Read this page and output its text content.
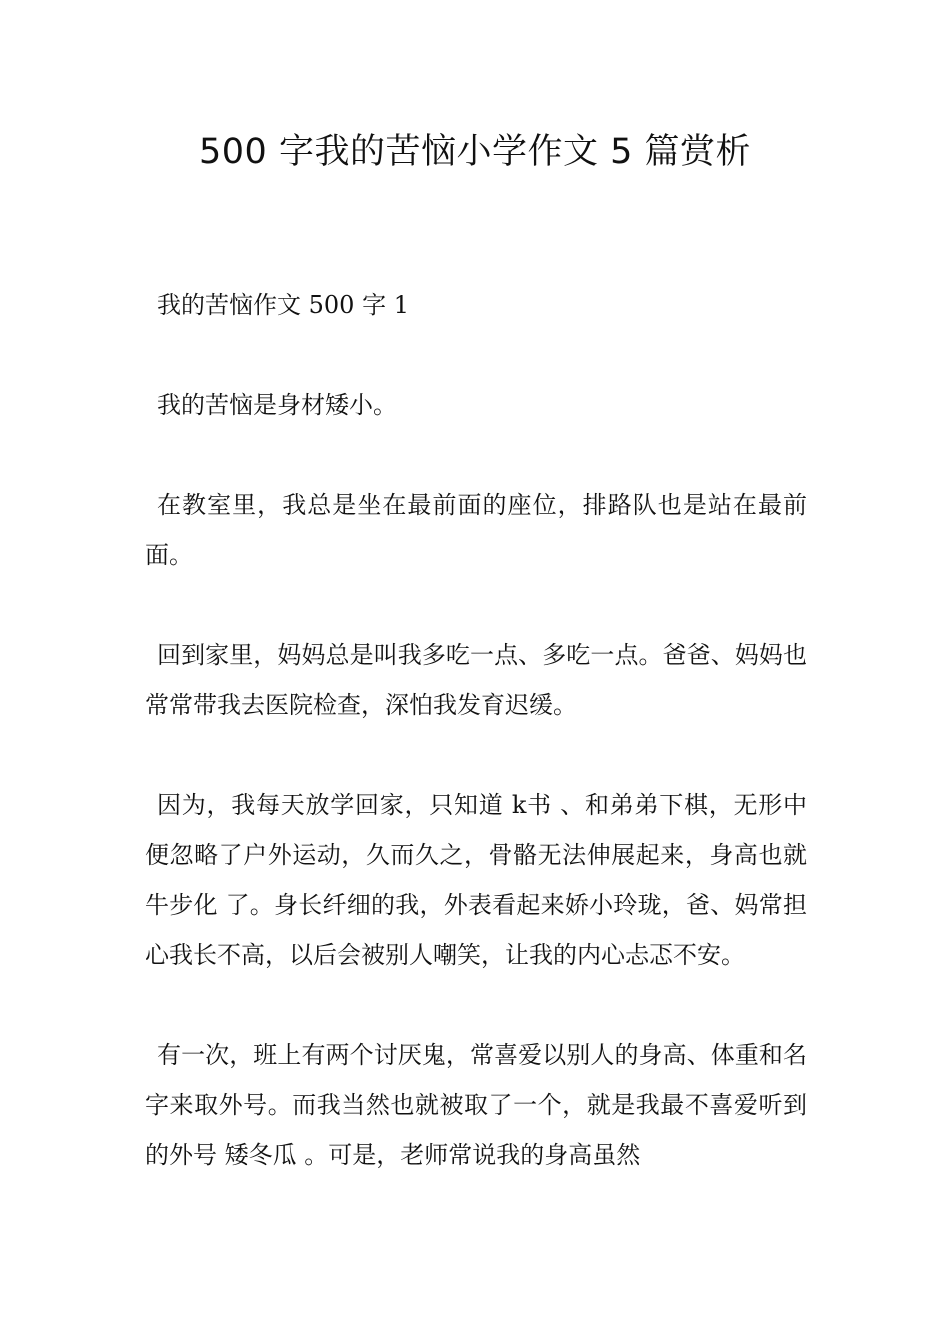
500 字我的苦恼小学作文 5 篇赏析

我的苦恼作文 500 字 1

我的苦恼是身材矮小。

在教室里，我总是坐在最前面的座位，排路队也是站在最前面。

回到家里，妈妈总是叫我多吃一点、多吃一点。爸爸、妈妈也常常带我去医院检查，深怕我发育迟缓。

因为，我每天放学回家，只知道 k书 、和弟弟下棋，无形中便忽略了户外运动，久而久之，骨骼无法伸展起来，身高也就 牛步化 了。身长纤细的我，外表看起来娇小玲珑，爸、妈常担心我长不高，以后会被别人嘲笑，让我的内心忐忑不安。

有一次，班上有两个讨厌鬼，常喜爱以别人的身高、体重和名字来取外号。而我当然也就被取了一个，就是我最不喜爱听到的外号 矮冬瓜 。可是，老师常说我的身高虽然
